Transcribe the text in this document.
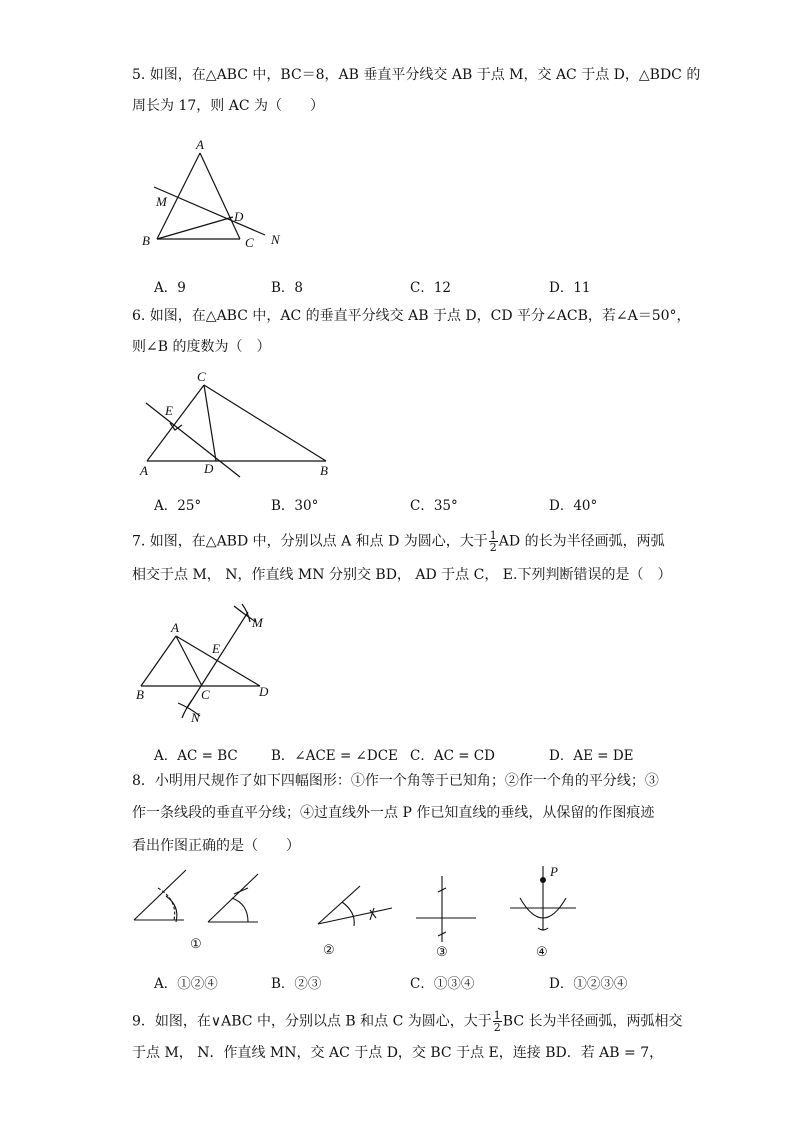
5. 如图，在△ABC 中，BC＝8，AB 垂直平分线交 AB 于点 M，交 AC 于点 D，△BDC 的
周长为 17，则 AC 为（　　）
A
M
D
B	C N
A．9	B．8	C．12	D．11
6. 如图，在△ABC 中，AC 的垂直平分线交 AB 于点 D，CD 平分∠ACB，若∠A＝50°，
则∠B 的度数为（　）
C
E
A	D	B
A．25°	B．30°	C．35°	D．40°
7. 如图，在△ABD 中，分别以点 A 和点 D 为圆心，大于 $\frac{1}{2}$ AD 的长为半径画弧，两弧
相交于点 M， N，作直线 MN 分别交 BD， AD 于点 C， E.下列判断错误的是（　）
A
E
M
B	C	D
N
A．AC = BC B．∠ACE = ∠DCE C．AC = CD	D．AE = DE
8．小明用尺规作了如下四幅图形：①作一个角等于已知角；②作一个角的平分线；③
作一条线段的垂直平分线；④过直线外一点 P 作已知直线的垂线，从保留的作图痕迹
看出作图正确的是（　　）
P
①	②	③	④
A．①②④	B．②③	C．①③④	D．①②③④
9．如图，在∨ABC 中，分别以点 B 和点 C 为圆心，大于 $\frac{1}{2}$ BC 长为半径画弧，两弧相交
于点 M， N．作直线 MN，交 AC 于点 D，交 BC 于点 E，连接 BD．若 AB = 7，
